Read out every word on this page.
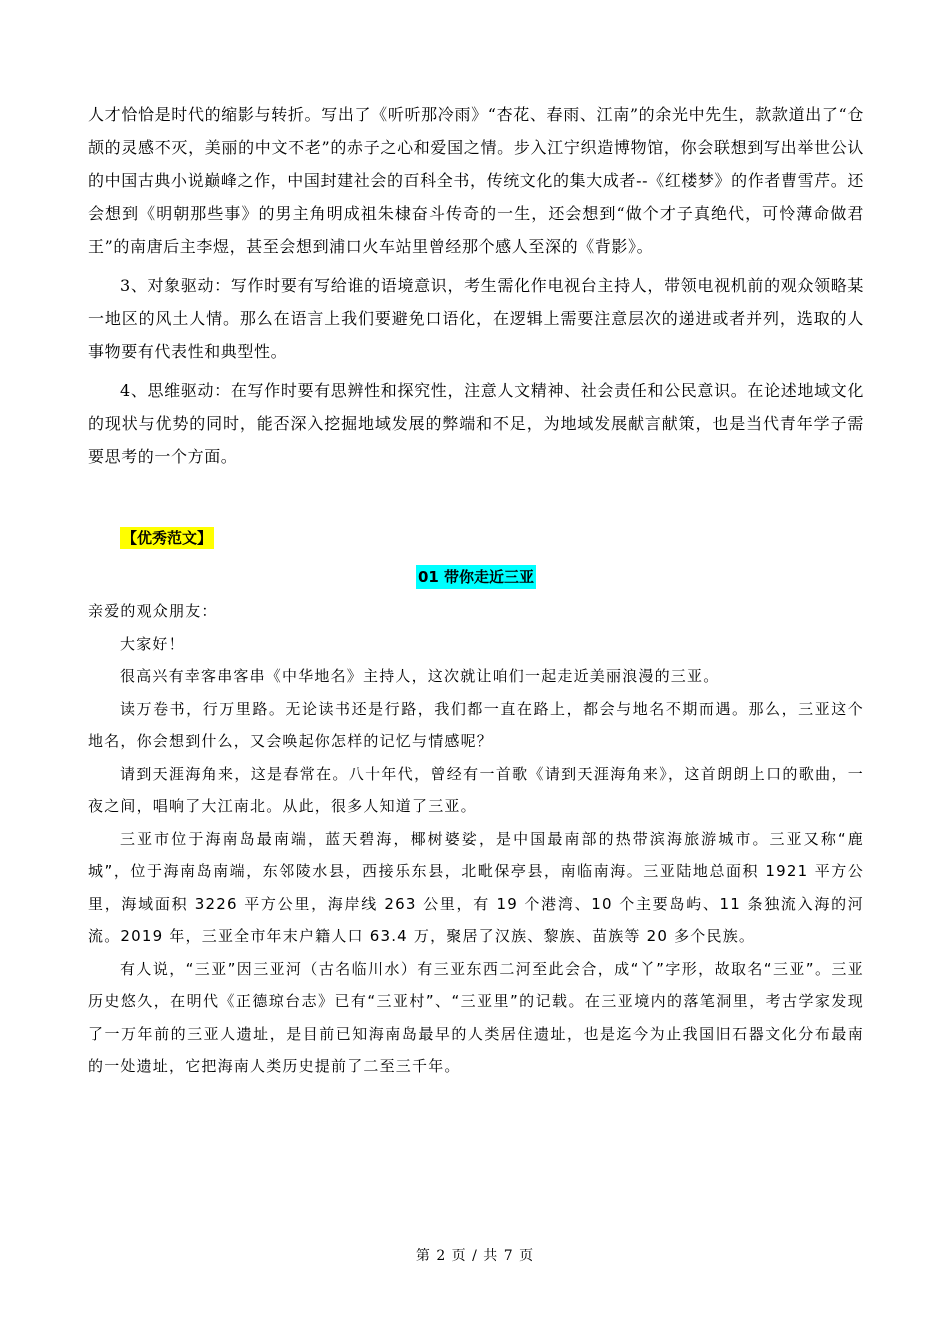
人才恰恰是时代的缩影与转折。写出了《听听那冷雨》“杏花、春雨、江南”的余光中先生，款款道出了“仓颉的灵感不灭，美丽的中文不老”的赤子之心和爱国之情。步入江宁织造博物馆，你会联想到写出举世公认的中国古典小说巅峰之作，中国封建社会的百科全书，传统文化的集大成者--《红楼梦》的作者曹雪芹。还会想到《明朝那些事》的男主角明成祖朱棣奋斗传奇的一生，还会想到“做个才子真绝代，可怜薄命做君王”的南唐后主李煜，甚至会想到浦口火车站里曾经那个感人至深的《背影》。

3、对象驱动：写作时要有写给谁的语境意识，考生需化作电视台主持人，带领电视机前的观众领略某一地区的风土人情。那么在语言上我们要避免口语化，在逻辑上需要注意层次的递进或者并列，选取的人事物要有代表性和典型性。

4、思维驱动：在写作时要有思辨性和探究性，注意人文精神、社会责任和公民意识。在论述地域文化的现状与优势的同时，能否深入挖掘地域发展的弊端和不足，为地域发展献言献策，也是当代青年学子需要思考的一个方面。

【优秀范文】
01 带你走近三亚

亲爱的观众朋友：

大家好！

很高兴有幸客串客串《中华地名》主持人，这次就让咱们一起走近美丽浪漫的三亚。

读万卷书，行万里路。无论读书还是行路，我们都一直在路上，都会与地名不期而遇。那么，三亚这个地名，你会想到什么，又会唤起你怎样的记忆与情感呢？

请到天涯海角来，这是春常在。八十年代，曾经有一首歌《请到天涯海角来》，这首朗朗上口的歌曲，一夜之间，唱响了大江南北。从此，很多人知道了三亚。

三亚市位于海南岛最南端，蓝天碧海，椰树婆娑，是中国最南部的热带滨海旅游城市。三亚又称“鹿城”，位于海南岛南端，东邻陵水县，西接乐东县，北毗保亭县，南临南海。三亚陆地总面积 1921 平方公里，海域面积 3226 平方公里，海岸线 263 公里，有 19 个港湾、10 个主要岛屿、11 条独流入海的河流。2019 年，三亚全市年末户籍人口 63.4 万，聚居了汉族、黎族、苗族等 20 多个民族。

有人说，“三亚”因三亚河（古名临川水）有三亚东西二河至此会合，成“丫”字形，故取名“三亚”。三亚历史悠久，在明代《正德琼台志》已有“三亚村”、“三亚里”的记载。在三亚境内的落笔洞里，考古学家发现了一万年前的三亚人遗址，是目前已知海南岛最早的人类居住遗址，也是迄今为止我国旧石器文化分布最南的一处遗址，它把海南人类历史提前了二至三千年。

第 2 页 / 共 7 页
